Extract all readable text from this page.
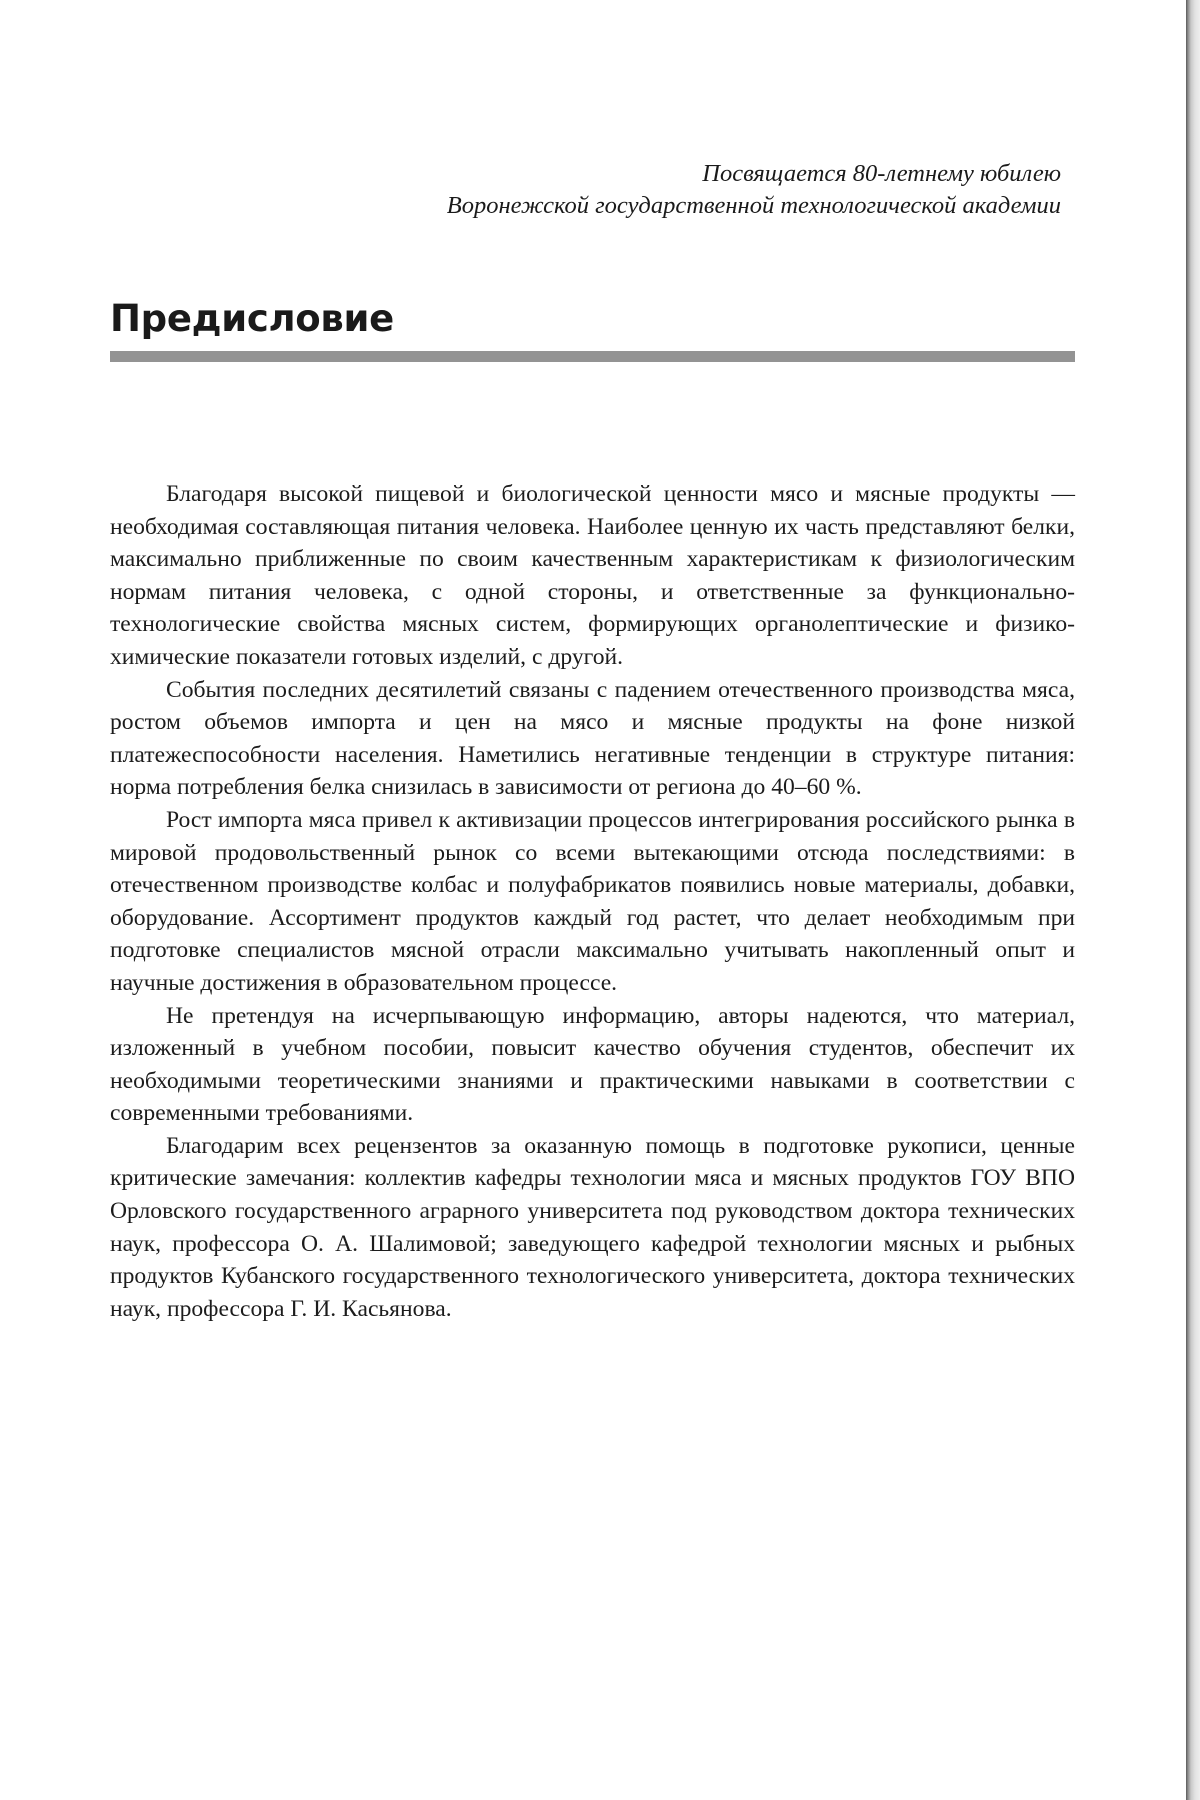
Посвящается 80-летнему юбилею
Воронежской государственной технологической академии
Предисловие

Благодаря высокой пищевой и биологической ценности мясо и мясные продукты — необходимая составляющая питания человека. Наиболее ценную их часть представляют белки, максимально приближенные по своим качественным характеристикам к физиологическим нормам питания человека, с одной стороны, и ответственные за функционально-технологические свойства мясных систем, формирующих органолептические и физико-химические показатели готовых изделий, с другой.

События последних десятилетий связаны с падением отечественного производства мяса, ростом объемов импорта и цен на мясо и мясные продукты на фоне низкой платежеспособности населения. Наметились негативные тенденции в структуре питания: норма потребления белка снизилась в зависимости от региона до 40–60 %.

Рост импорта мяса привел к активизации процессов интегрирования российского рынка в мировой продовольственный рынок со всеми вытекающими отсюда последствиями: в отечественном производстве колбас и полуфабрикатов появились новые материалы, добавки, оборудование. Ассортимент продуктов каждый год растет, что делает необходимым при подготовке специалистов мясной отрасли максимально учитывать накопленный опыт и научные достижения в образовательном процессе.

Не претендуя на исчерпывающую информацию, авторы надеются, что материал, изложенный в учебном пособии, повысит качество обучения студентов, обеспечит их необходимыми теоретическими знаниями и практическими навыками в соответствии с современными требованиями.

Благодарим всех рецензентов за оказанную помощь в подготовке рукописи, ценные критические замечания: коллектив кафедры технологии мяса и мясных продуктов ГОУ ВПО Орловского государственного аграрного университета под руководством доктора технических наук, профессора О. А. Шалимовой; заведующего кафедрой технологии мясных и рыбных продуктов Кубанского государственного технологического университета, доктора технических наук, профессора Г. И. Касьянова.
